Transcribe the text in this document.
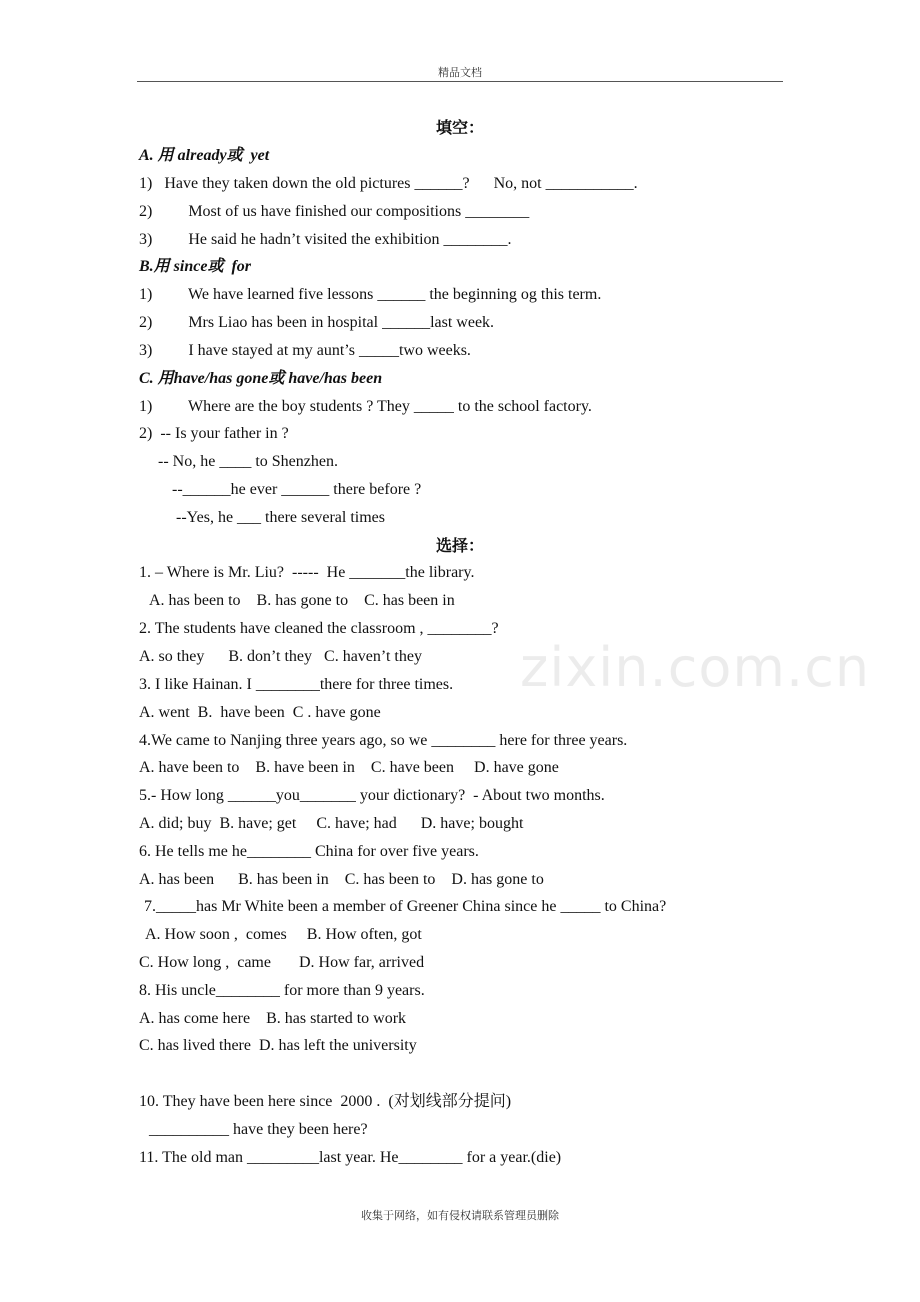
精品文档
zixin.com.cn
填空：
A. 用 already或  yet
1)   Have they taken down the old pictures ______?      No, not ___________.
2)         Most of us have finished our compositions ________
3)         He said he hadn’t visited the exhibition ________.
B.用 since或  for
1)         We have learned five lessons ______ the beginning og this term.
2)         Mrs Liao has been in hospital ______last week.
3)         I have stayed at my aunt’s _____two weeks.
C. 用have/has gone或 have/has been
1)         Where are the boy students ? They _____ to the school factory.
2)  -- Is your father in ?
-- No, he ____ to Shenzhen.
--______he ever ______ there before ?
--Yes, he ___ there several times
选择：
1. – Where is Mr. Liu?  -----  He _______the library.
A. has been to    B. has gone to    C. has been in
2. The students have cleaned the classroom , ________?
A. so they      B. don’t they   C. haven’t they
3. I like Hainan. I ________there for three times.
A. went  B.  have been  C . have gone
4.We came to Nanjing three years ago, so we ________ here for three years.
A. have been to    B. have been in    C. have been     D. have gone
5.- How long ______you_______ your dictionary?  - About two months.
A. did; buy  B. have; get     C. have; had      D. have; bought
6. He tells me he________ China for over five years.
A. has been      B. has been in    C. has been to    D. has gone to
7._____has Mr White been a member of Greener China since he _____ to China?
A. How soon ,  comes     B. How often, got
C. How long ,  came       D. How far, arrived
8. His uncle________ for more than 9 years.
A. has come here    B. has started to work
C. has lived there  D. has left the university
10. They have been here since  2000 .  (对划线部分提问)
__________ have they been here?
11. The old man _________last year. He________ for a year.(die)
收集于网络，如有侵权请联系管理员删除
